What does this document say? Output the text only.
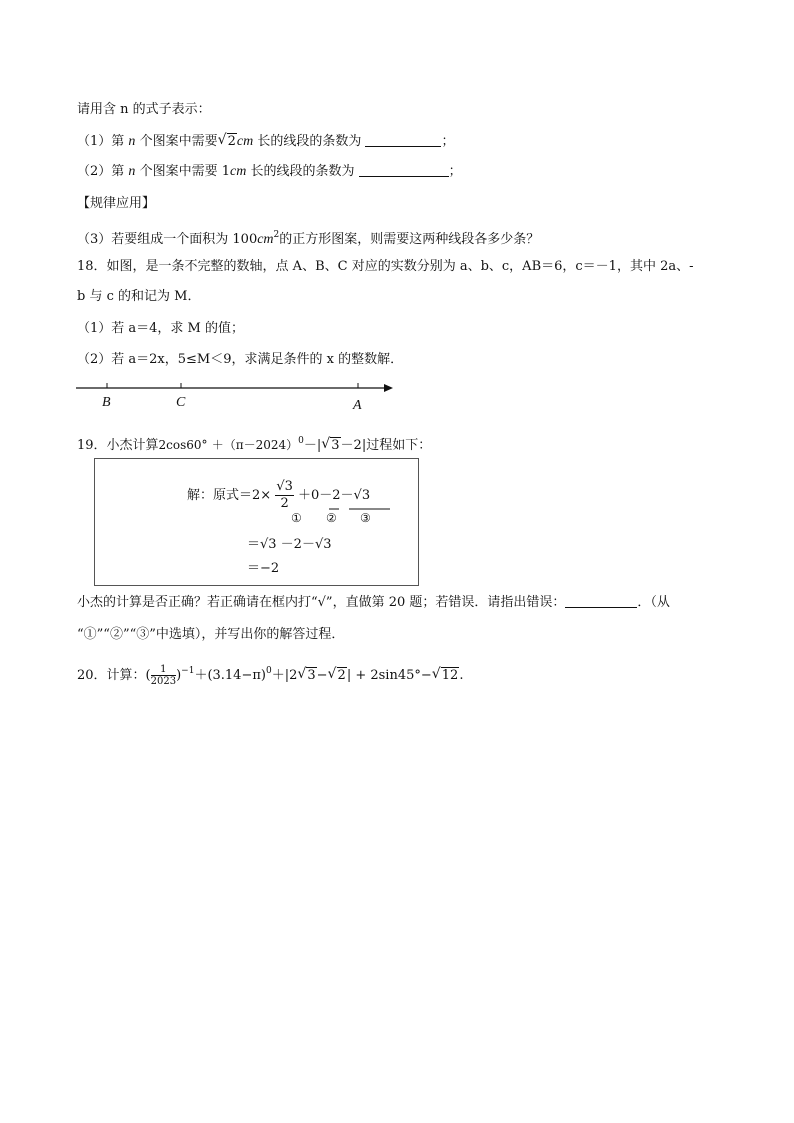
请用含 n 的式子表示：
（1）第 n 个图案中需要 √ 2cm 长的线段的条数为	；
（2）第 n 个图案中需要 1cm 长的线段的条数为	；
【规律应用】
（3）若要组成一个面积为 $100cm^2$的正方形图案，则需要这两种线段各多少条？
18．如图，是一条不完整的数轴，点 A、B、C 对应的实数分别为 a、b、c，AB＝6，c＝－1，其中 2a、-
b 与 c 的和记为 M．
（1）若 a＝4，求 M 的值；
（2）若 a＝2x，5≤M＜9，求满足条件的 x 的整数解．
B	C	A
19．小杰计算$2\cos 60^\circ +(\pi-2024)^0-|$ √ 3－2|过程如下：
解：原式$=2\times \frac{√3}{2} +0-2-√3$
① ② ③
＝√3 －2－√3
＝−2
小杰的计算是否正确？若正确请在框内打“√”，直做第 20 题；若错误．请指出错误：	．（从
“①”“②”“③”中选填），并写出你的解答过程．
20．计算：( $\frac{1}{2023} )^{-1}+(3.14-\pi)^0+|2$ √ 3− √ 2| + 2sin45°− √ 12.
